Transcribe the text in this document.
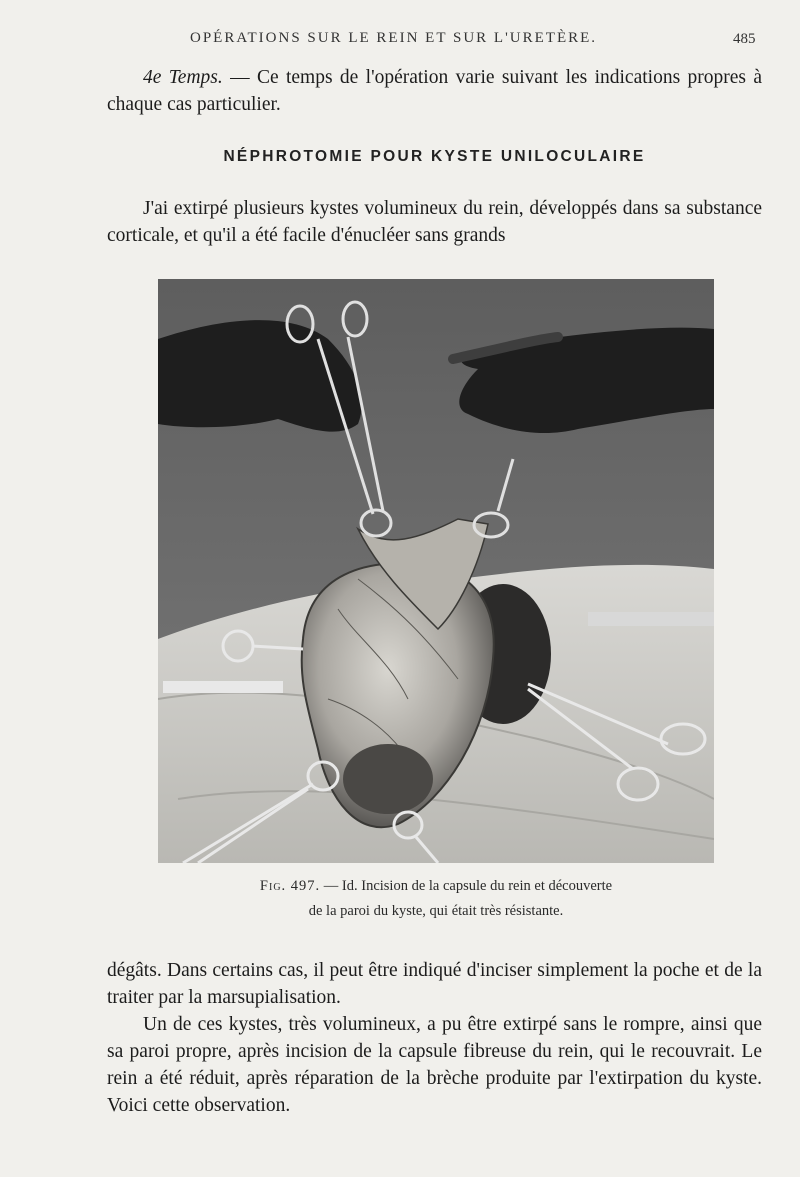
OPÉRATIONS SUR LE REIN ET SUR L'URETÈRE.	485

4e Temps. — Ce temps de l'opération varie suivant les indications propres à chaque cas particulier.

NÉPHROTOMIE POUR KYSTE UNILOCULAIRE

J'ai extirpé plusieurs kystes volumineux du rein, développés dans sa substance corticale, et qu'il a été facile d'énucléer sans grands

Fig. 497. — Id. Incision de la capsule du rein et découverte

de la paroi du kyste, qui était très résistante.

dégâts. Dans certains cas, il peut être indiqué d'inciser simplement la poche et de la traiter par la marsupialisation.

Un de ces kystes, très volumineux, a pu être extirpé sans le rompre, ainsi que sa paroi propre, après incision de la capsule fibreuse du rein, qui le recouvrait. Le rein a été réduit, après réparation de la brèche produite par l'extirpation du kyste. Voici cette observation.
